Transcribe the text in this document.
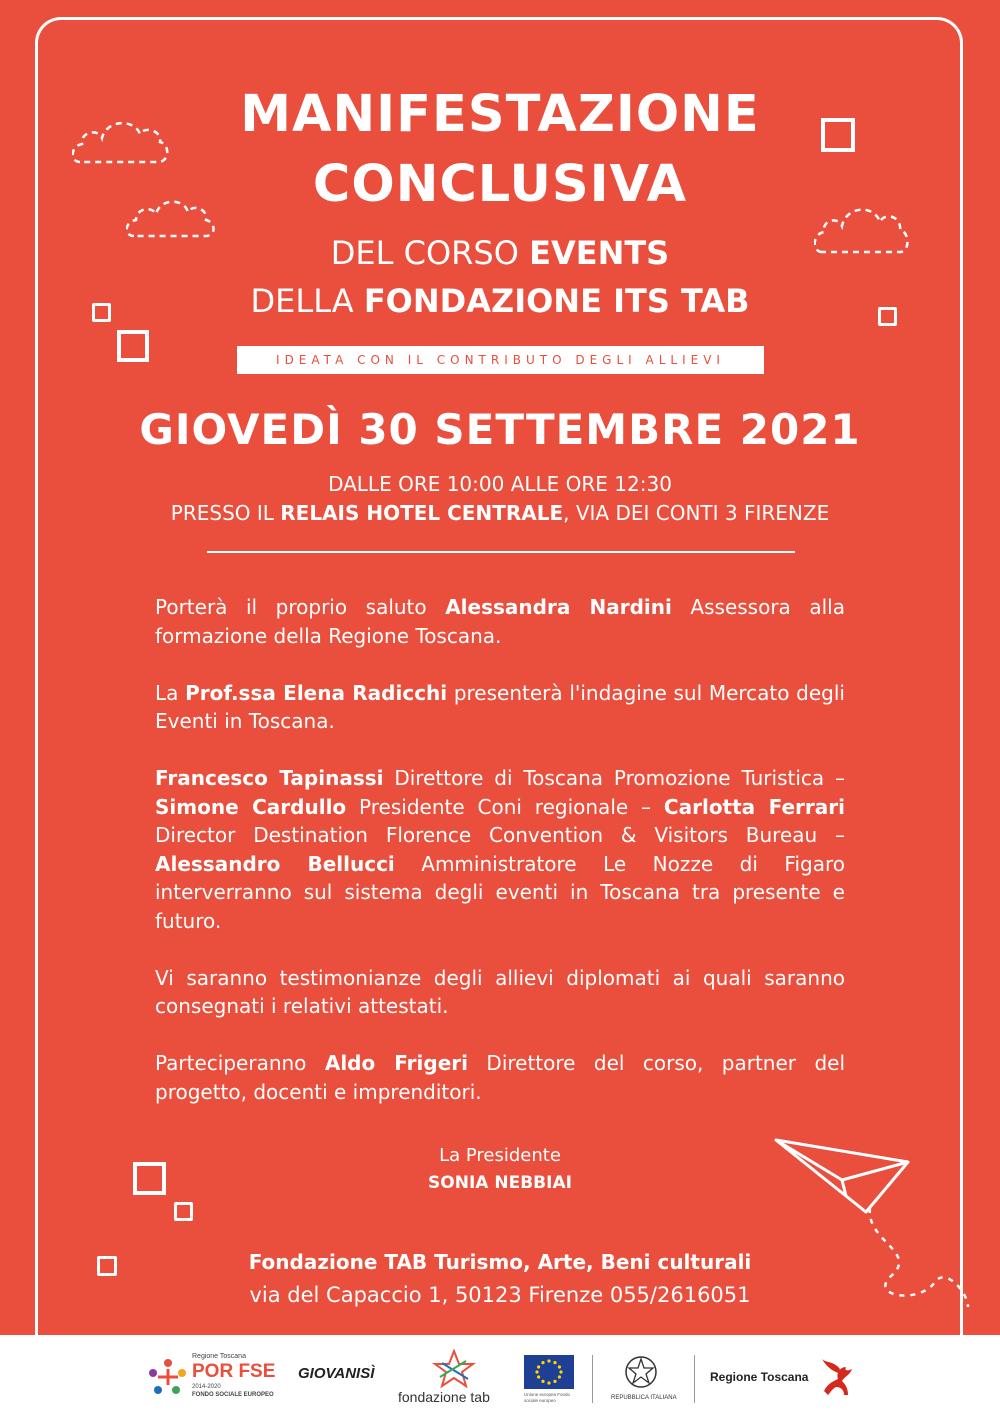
MANIFESTAZIONE
CONCLUSIVA
DEL CORSO EVENTS
DELLA FONDAZIONE ITS TAB
IDEATA CON IL CONTRIBUTO DEGLI ALLIEVI
GIOVEDÌ 30 SETTEMBRE 2021
DALLE ORE 10:00 ALLE ORE 12:30
PRESSO IL RELAIS HOTEL CENTRALE, VIA DEI CONTI 3 FIRENZE

Porterà il proprio saluto Alessandra Nardini Assessora alla formazione della Regione Toscana.

La Prof.ssa Elena Radicchi presenterà l'indagine sul Mercato degli Eventi in Toscana.

Francesco Tapinassi Direttore di Toscana Promozione Turistica – Simone Cardullo Presidente Coni regionale – Carlotta Ferrari Director Destination Florence Convention & Visitors Bureau – Alessandro Bellucci Amministratore Le Nozze di Figaro interverranno sul sistema degli eventi in Toscana tra presente e futuro.

Vi saranno testimonianze degli allievi diplomati ai quali saranno consegnati i relativi attestati.

Parteciperanno Aldo Frigeri Direttore del corso, partner del progetto, docenti e imprenditori.

La Presidente
SONIA NEBBIAI
Fondazione TAB Turismo, Arte, Beni culturali
via del Capaccio 1, 50123 Firenze 055/2616051
Regione Toscana
POR FSE
2014-2020
FONDO SOCIALE EUROPEO
GIOVANISÌ
fondazione tab	Unione europea Fondo sociale europeo	REPUBBLICA ITALIANA
Regione Toscana
